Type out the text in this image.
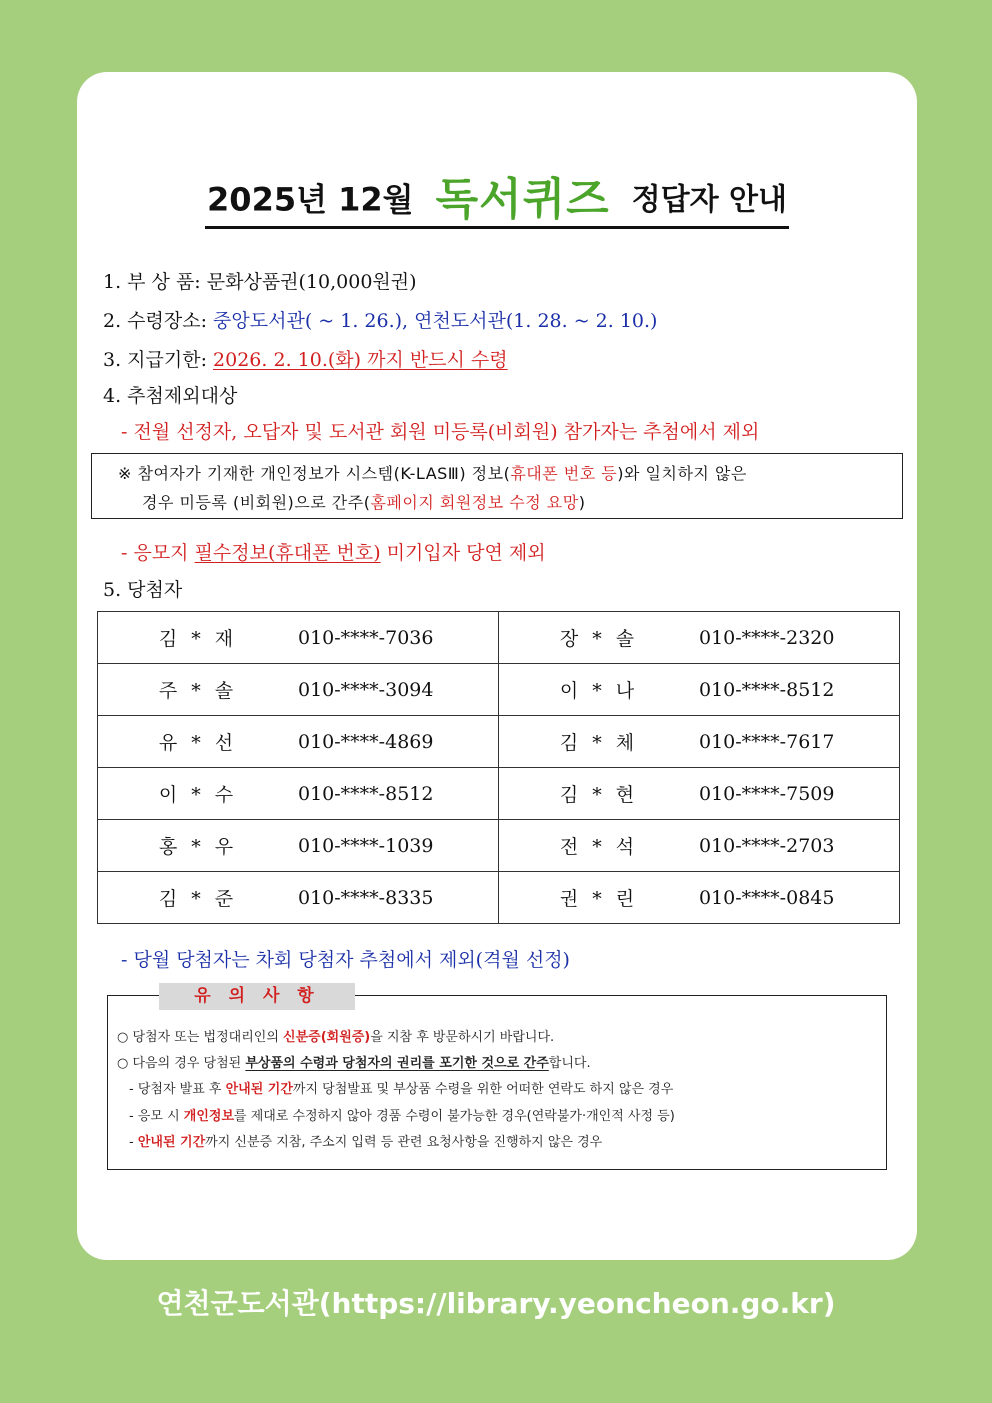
2025년 12월 독서퀴즈 정답자 안내
1. 부 상 품: 문화상품권(10,000원권)
2. 수령장소: 중앙도서관( ~ 1. 26.), 연천도서관(1. 28. ~ 2. 10.)
3. 지급기한: 2026. 2. 10.(화) 까지 반드시 수령
4. 추첨제외대상
- 전월 선정자, 오답자 및 도서관 회원 미등록(비회원) 참가자는 추첨에서 제외
※ 참여자가 기재한 개인정보가 시스템(K-LASⅢ) 정보(휴대폰 번호 등)와 일치하지 않은
경우 미등록 (비회원)으로 간주(홈페이지 회원정보 수정 요망)
- 응모지 필수정보(휴대폰 번호) 미기입자 당연 제외
5. 당첨자
김 * 재	010-****-7036	장 * 솔	010-****-2320
주 * 솔	010-****-3094	이 * 나	010-****-8512
유 * 선	010-****-4869	김 * 체	010-****-7617
이 * 수	010-****-8512	김 * 현	010-****-7509
홍 * 우	010-****-1039	전 * 석	010-****-2703
김 * 준	010-****-8335	권 * 린	010-****-0845
- 당월 당첨자는 차회 당첨자 추첨에서 제외(격월 선정)
유 의 사 항
○ 당첨자 또는 법정대리인의 신분증(회원증)을 지참 후 방문하시기 바랍니다.
○ 다음의 경우 당첨된 부상품의 수령과 당첨자의 권리를 포기한 것으로 간주합니다.
- 당첨자 발표 후 안내된 기간까지 당첨발표 및 부상품 수령을 위한 어떠한 연락도 하지 않은 경우
- 응모 시 개인정보를 제대로 수정하지 않아 경품 수령이 불가능한 경우(연락불가·개인적 사정 등)
- 안내된 기간까지 신분증 지참, 주소지 입력 등 관련 요청사항을 진행하지 않은 경우
연천군도서관(https://library.yeoncheon.go.kr)
